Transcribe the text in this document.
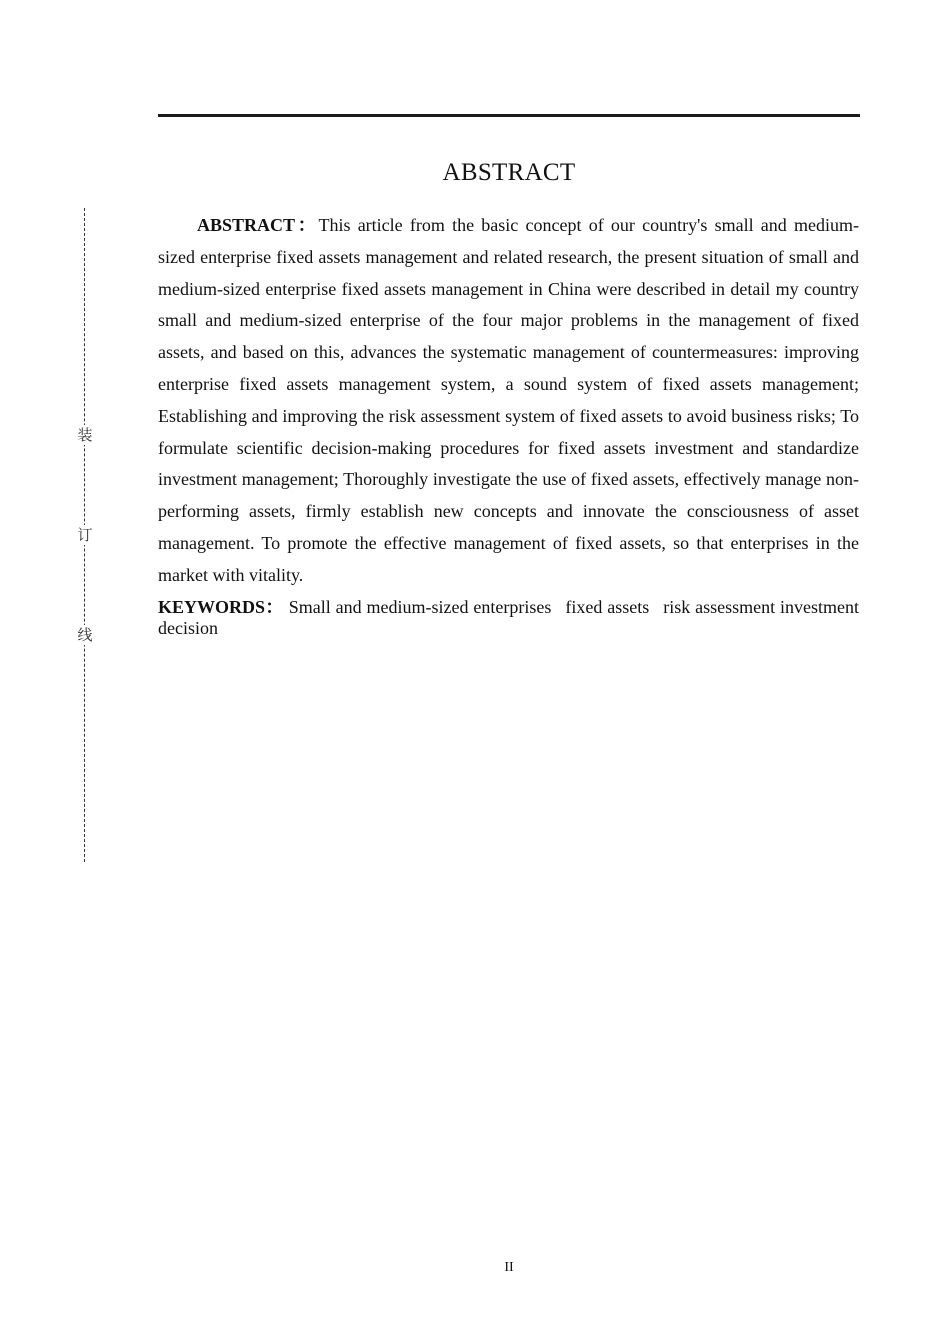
装
订
线
ABSTRACT

ABSTRACT：This article from the basic concept of our country's small and medium-sized enterprise fixed assets management and related research, the present situation of small and medium-sized enterprise fixed assets management in China were described in detail my country small and medium-sized enterprise of the four major problems in the management of fixed assets, and based on this, advances the systematic management of countermeasures: improving enterprise fixed assets management system, a sound system of fixed assets management; Establishing and improving the risk assessment system of fixed assets to avoid business risks; To formulate scientific decision-making procedures for fixed assets investment and standardize investment management; Thoroughly investigate the use of fixed assets, effectively manage non-performing assets, firmly establish new concepts and innovate the consciousness of asset management. To promote the effective management of fixed assets, so that enterprises in the market with vitality.

KEYWORDS： Small and medium-sized enterprises fixed assets risk assessment investment decision

II
